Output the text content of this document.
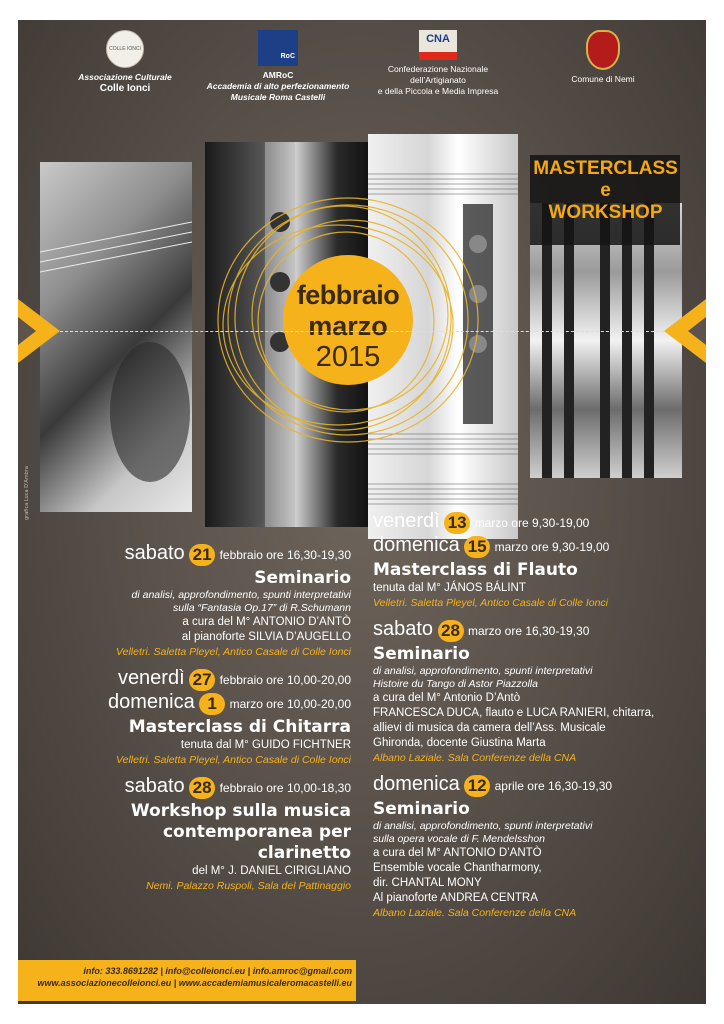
COLLE IONCI
Associazione Culturale
Colle Ionci
RoC
AMRoC
Accademia di alto perfezionamento
Musicale Roma Castelli
CNA
Confederazione Nazionale
dell’Artigianato
e della Piccola e Media Impresa
Comune di Nemi
MASTERCLASS
e
WORKSHOP
febbraio
marzo
2015
grafica Luca D'Ambra
sabato 21 febbraio ore 16,30-19,30
Seminario
di analisi, approfondimento, spunti interpretativi
sulla “Fantasia Op.17” di R.Schumann
a cura del M° ANTONIO D’ANTÒ
al pianoforte SILVIA D’AUGELLO
Velletri. Saletta Pleyel, Antico Casale di Colle Ionci
venerdì 27 febbraio ore 10,00-20,00
domenica 1 marzo ore 10,00-20,00
Masterclass di Chitarra
tenuta dal M° GUIDO FICHTNER
Velletri. Saletta Pleyel, Antico Casale di Colle Ionci
sabato 28 febbraio ore 10,00-18,30
Workshop sulla musica
contemporanea per
clarinetto
del M° J. DANIEL CIRIGLIANO
Nemi. Palazzo Ruspoli, Sala del Pattinaggio
venerdì 13 marzo ore 9,30-19,00
domenica 15 marzo ore 9,30-19,00
Masterclass di Flauto
tenuta dal M° JÁNOS BÁLINT
Velletri. Saletta Pleyel, Antico Casale di Colle Ionci
sabato 28 marzo ore 16,30-19,30
Seminario
di analisi, approfondimento, spunti interpretativi
Histoire du Tango di Astor Piazzolla
a cura del M° Antonio D’Antò
FRANCESCA DUCA, flauto e LUCA RANIERI, chitarra,
allievi di musica da camera dell’Ass. Musicale
Ghironda, docente Giustina Marta
Albano Laziale. Sala Conferenze della CNA
domenica 12 aprile ore 16,30-19,30
Seminario
di analisi, approfondimento, spunti interpretativi
sulla opera vocale di F. Mendelsshon
a cura del M° ANTONIO D’ANTÒ
Ensemble vocale Chantharmony,
dir. CHANTAL MONY
Al pianoforte ANDREA CENTRA
Albano Laziale. Sala Conferenze della CNA
info: 333.8691282 | info@colleionci.eu | info.amroc@gmail.com
www.associazionecolleionci.eu | www.accademiamusicaleromacastelli.eu
